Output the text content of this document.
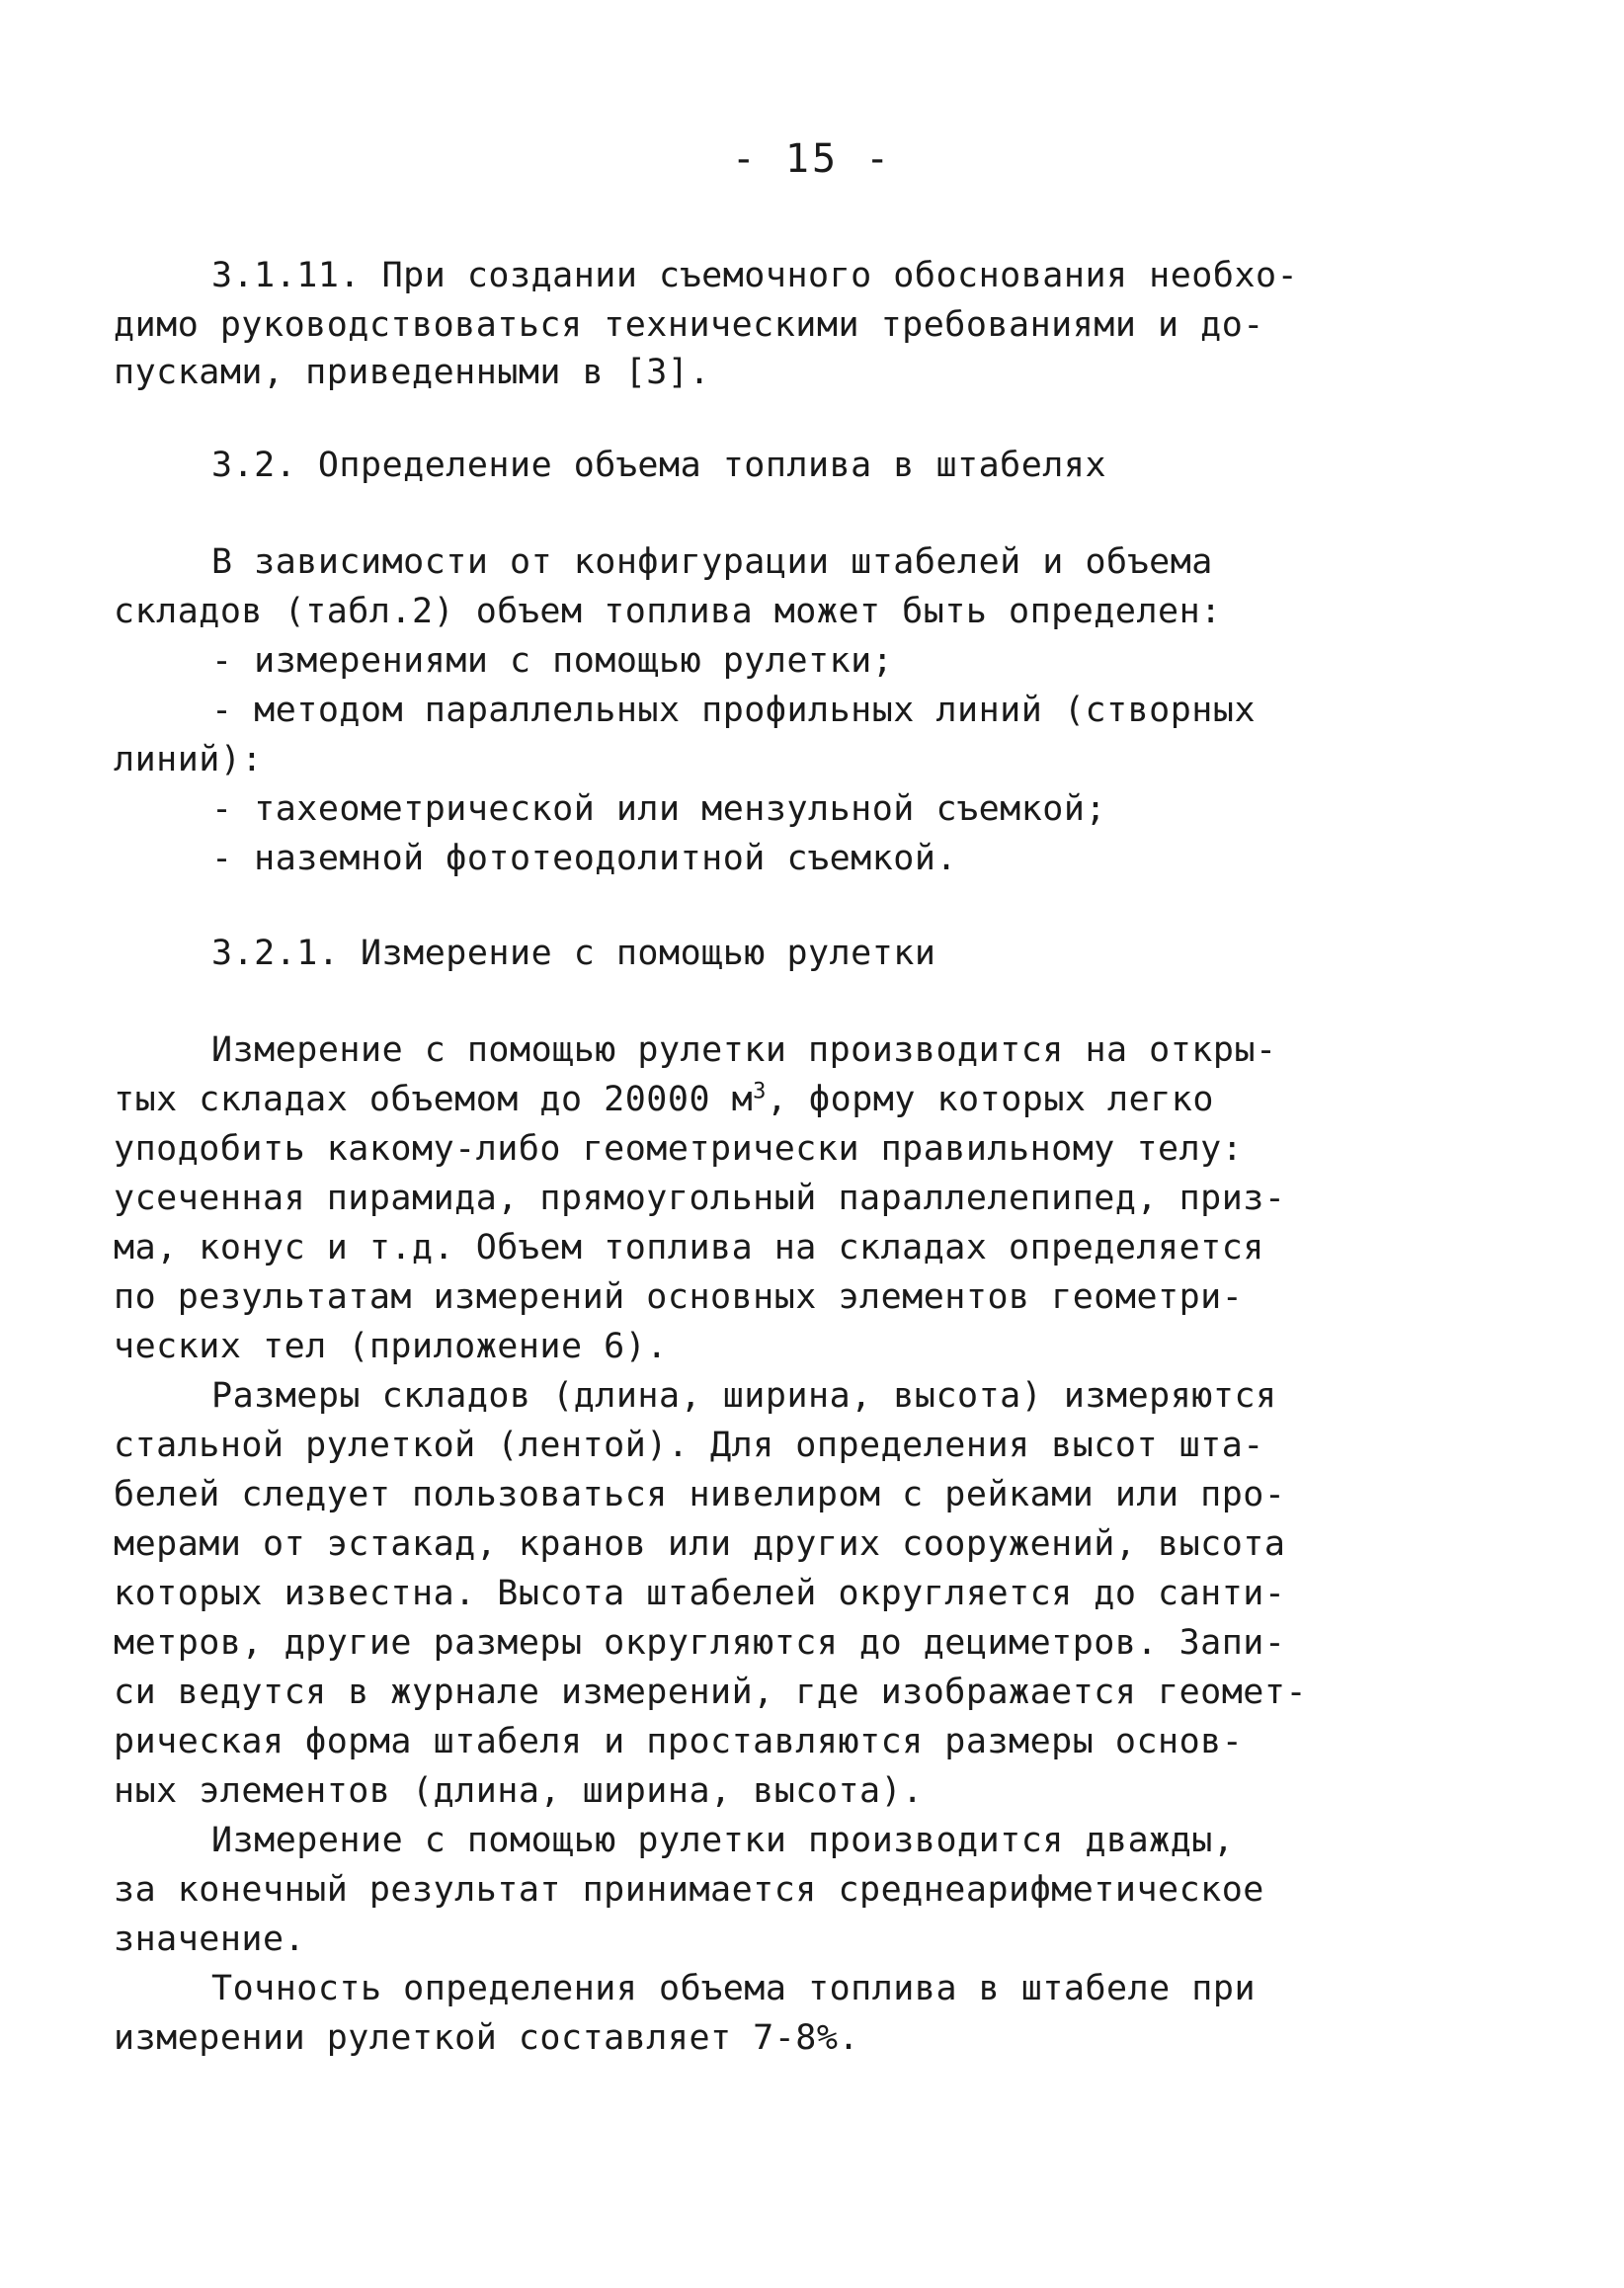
- 15 -
3.1.11. При создании съемочного обоснования необхо-
димо руководствоваться техническими требованиями и до-
пусками, приведенными в [3].
3.2. Определение объема топлива в штабелях
В зависимости от конфигурации штабелей и объема
складов (табл.2) объем топлива может быть определен:
- измерениями с помощью рулетки;
- методом параллельных профильных линий (створных
линий):
- тахеометрической или мензульной съемкой;
- наземной фототеодолитной съемкой.
3.2.1. Измерение с помощью рулетки
Измерение с помощью рулетки производится на откры-
тых складах объемом до 20000 $м^3$, форму которых легко
уподобить какому-либо геометрически правильному телу:
усеченная пирамида, прямоугольный параллелепипед, приз-
ма, конус и т.д. Объем топлива на складах определяется
по результатам измерений основных элементов геометри-
ческих тел (приложение 6).
Размеры складов (длина, ширина, высота) измеряются
стальной рулеткой (лентой). Для определения высот шта-
белей следует пользоваться нивелиром с рейками или про-
мерами от эстакад, кранов или других сооружений, высота
которых известна. Высота штабелей округляется до санти-
метров, другие размеры округляются до дециметров. Запи-
си ведутся в журнале измерений, где изображается геомет-
рическая форма штабеля и проставляются размеры основ-
ных элементов (длина, ширина, высота).
Измерение с помощью рулетки производится дважды,
за конечный результат принимается среднеарифметическое
значение.
Точность определения объема топлива в штабеле при
измерении рулеткой составляет 7-8%.
